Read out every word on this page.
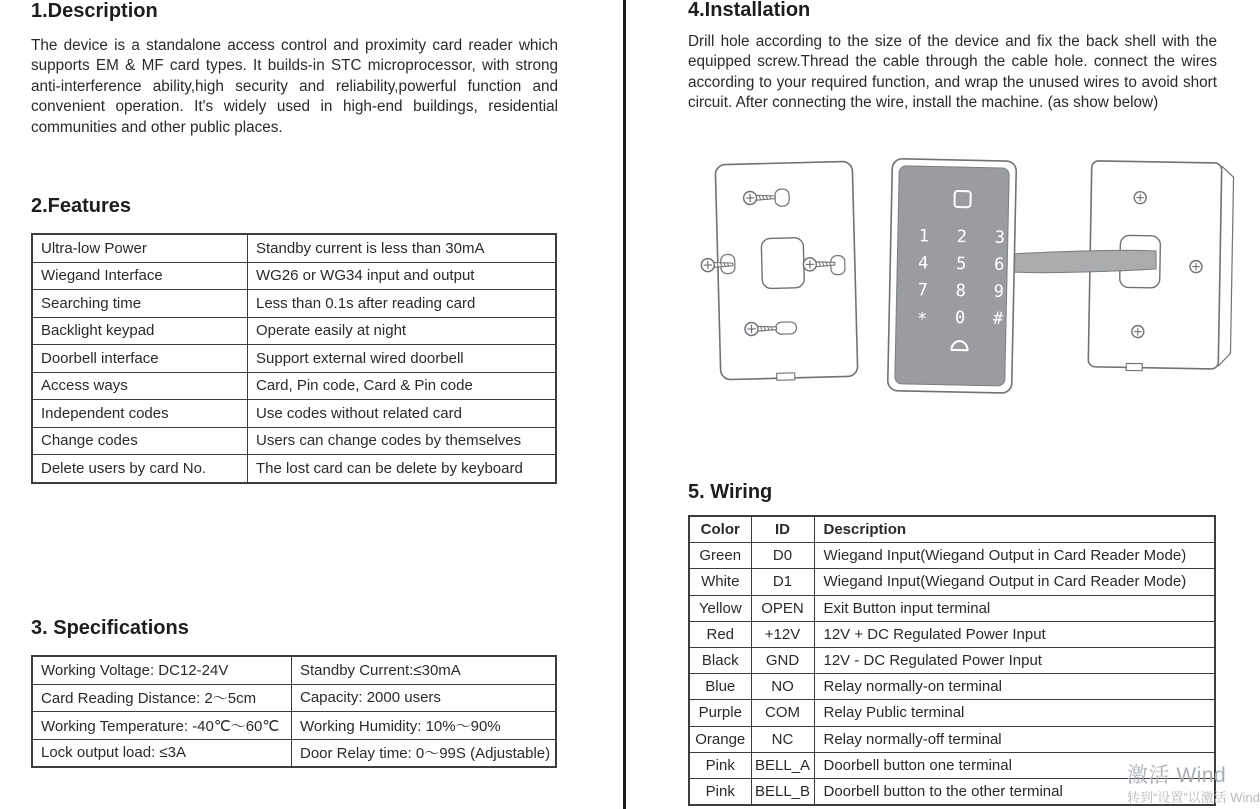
1.Description
The device is a standalone access control and proximity card reader which supports EM & MF card types. It builds-in STC microprocessor, with strong anti-interference ability,high security and reliability,powerful function and convenient operation. It's widely used in high-end buildings, residential communities and other public places.
2.Features
Ultra-low Power	Standby current is less than 30mA
Wiegand Interface	WG26 or WG34 input and output
Searching time	Less than 0.1s after reading card
Backlight keypad	Operate easily at night
Doorbell interface	Support external wired doorbell
Access ways	Card, Pin code, Card & Pin code
Independent codes	Use codes without related card
Change codes	Users can change codes by themselves
Delete users by card No.	The lost card can be delete by keyboard
3. Specifications
Working Voltage: DC12-24V	Standby Current:≤30mA
Card Reading Distance: 2～5cm	Capacity: 2000 users
Working Temperature: -40℃～60℃	Working Humidity: 10%～90%
Lock output load: ≤3A	Door Relay time: 0～99S (Adjustable)
4.Installation
Drill hole according to the size of the device and fix the back shell with the equipped screw.Thread the cable through the cable hole. connect the wires according to your required function, and wrap the unused wires to avoid short circuit. After connecting the wire, install the machine. (as show below)
1 2 3
4 5 6
7 8 9
* 0 #
5. Wiring
Color	ID	Description
Green	D0	Wiegand Input(Wiegand Output in Card Reader Mode)
White	D1	Wiegand Input(Wiegand Output in Card Reader Mode)
Yellow	OPEN	Exit Button input terminal
Red	+12V	12V + DC Regulated Power Input
Black	GND	12V - DC Regulated Power Input
Blue	NO	Relay normally-on terminal
Purple	COM	Relay Public terminal
Orange	NC	Relay normally-off terminal
Pink	BELL_A	Doorbell button one terminal
Pink	BELL_B	Doorbell button to the other terminal
激活 Wind
转到“设置”以激活 Wind
